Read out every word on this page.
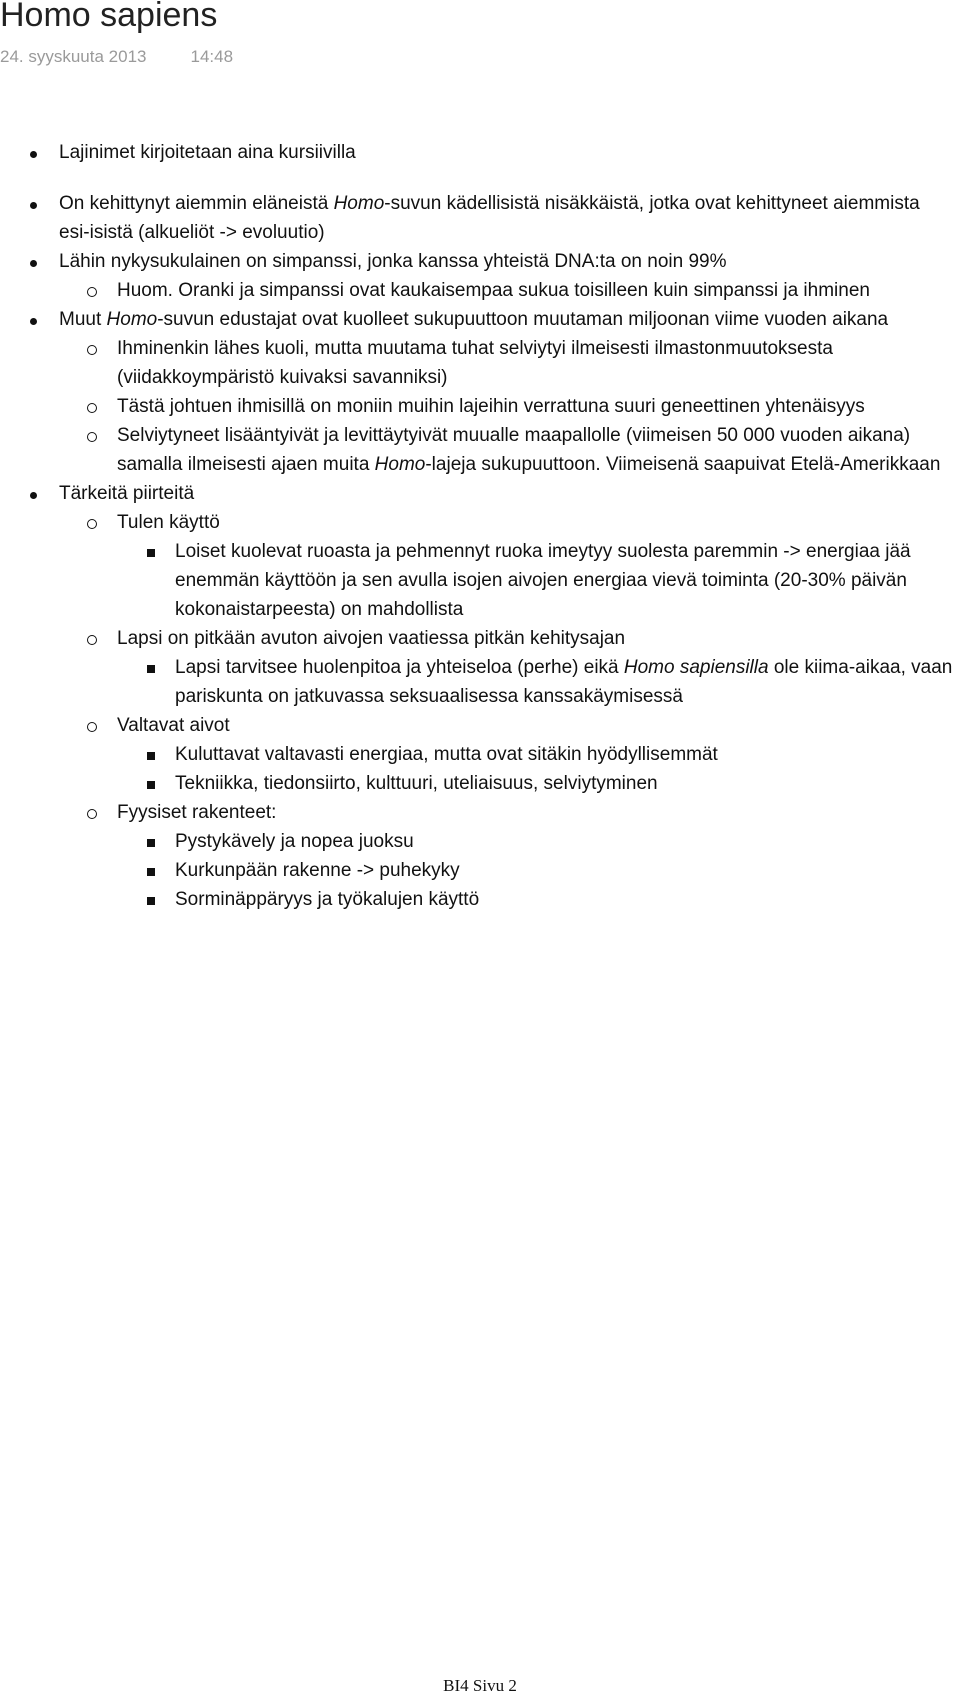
Homo sapiens
24. syyskuuta 2013	14:48

Lajinimet kirjoitetaan aina kursiivilla

On kehittynyt aiemmin eläneistä Homo-suvun kädellisistä nisäkkäistä, jotka ovat kehittyneet aiemmista esi-isistä (alkueliöt -> evoluutio)

Lähin nykysukulainen on simpanssi, jonka kanssa yhteistä DNA:ta on noin 99%

Huom. Oranki ja simpanssi ovat kaukaisempaa sukua toisilleen kuin simpanssi ja ihminen

Muut Homo-suvun edustajat ovat kuolleet sukupuuttoon muutaman miljoonan viime vuoden aikana

Ihminenkin lähes kuoli, mutta muutama tuhat selviytyi ilmeisesti ilmastonmuutoksesta (viidakkoympäristö kuivaksi savanniksi)

Tästä johtuen ihmisillä on moniin muihin lajeihin verrattuna suuri geneettinen yhtenäisyys

Selviytyneet lisääntyivät ja levittäytyivät muualle maapallolle (viimeisen 50 000 vuoden aikana) samalla ilmeisesti ajaen muita Homo-lajeja sukupuuttoon. Viimeisenä saapuivat Etelä-Amerikkaan

Tärkeitä piirteitä

Tulen käyttö

Loiset kuolevat ruoasta ja pehmennyt ruoka imeytyy suolesta paremmin -> energiaa jää enemmän käyttöön ja sen avulla isojen aivojen energiaa vievä toiminta (20-30% päivän kokonaistarpeesta) on mahdollista

Lapsi on pitkään avuton aivojen vaatiessa pitkän kehitysajan

Lapsi tarvitsee huolenpitoa ja yhteiseloa (perhe) eikä Homo sapiensilla ole kiima-aikaa, vaan pariskunta on jatkuvassa seksuaalisessa kanssakäymisessä

Valtavat aivot

Kuluttavat valtavasti energiaa, mutta ovat sitäkin hyödyllisemmät

Tekniikka, tiedonsiirto, kulttuuri, uteliaisuus, selviytyminen

Fyysiset rakenteet:

Pystykävely ja nopea juoksu

Kurkunpään rakenne -> puhekyky

Sorminäppäryys ja työkalujen käyttö

BI4 Sivu 2
